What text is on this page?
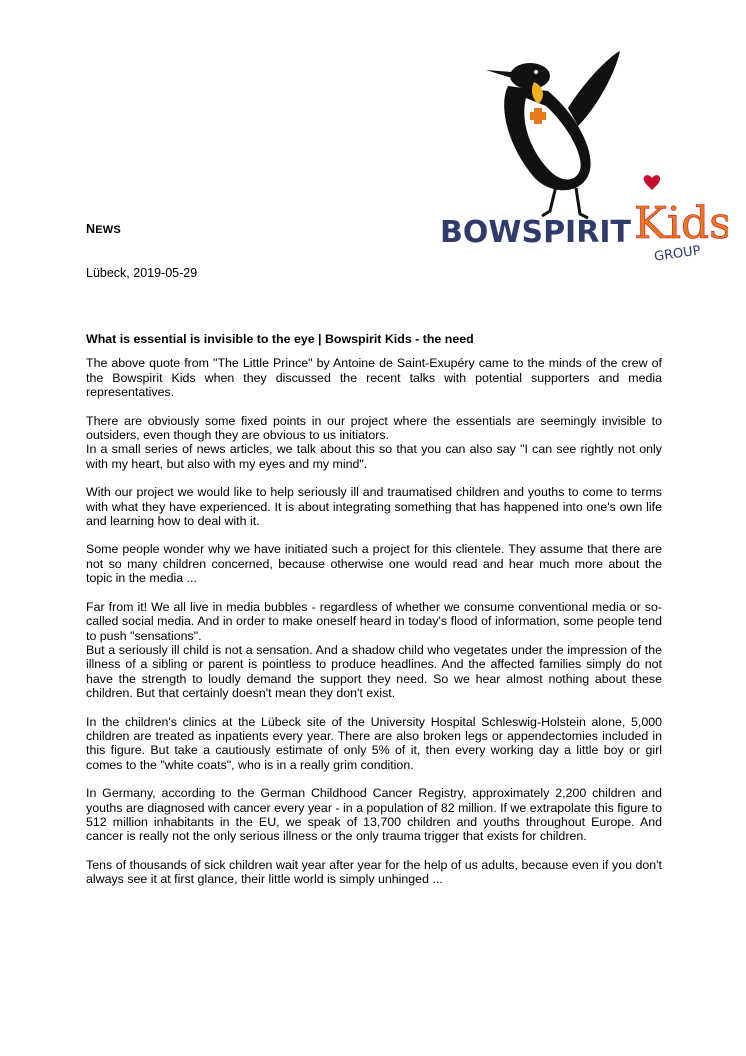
BOWSPIRIT Kids
GROUP
NEWS
Lübeck, 2019-05-29
What is essential is invisible to the eye | Bowspirit Kids - the need

The above quote from "The Little Prince" by Antoine de Saint-Exupéry came to the minds of the crew of the Bowspirit Kids when they discussed the recent talks with potential supporters and media representatives.

There are obviously some fixed points in our project where the essentials are seemingly invisible to outsiders, even though they are obvious to us initiators.
In a small series of news articles, we talk about this so that you can also say "I can see rightly not only with my heart, but also with my eyes and my mind".

With our project we would like to help seriously ill and traumatised children and youths to come to terms with what they have experienced. It is about integrating something that has happened into one's own life and learning how to deal with it.

Some people wonder why we have initiated such a project for this clientele. They assume that there are not so many children concerned, because otherwise one would read and hear much more about the topic in the media ...

Far from it! We all live in media bubbles - regardless of whether we consume conventional media or so-called social media. And in order to make oneself heard in today's flood of information, some people tend to push "sensations".
But a seriously ill child is not a sensation. And a shadow child who vegetates under the impression of the illness of a sibling or parent is pointless to produce headlines. And the affected families simply do not have the strength to loudly demand the support they need. So we hear almost nothing about these children. But that certainly doesn't mean they don't exist.

In the children's clinics at the Lübeck site of the University Hospital Schleswig-Holstein alone, 5,000 children are treated as inpatients every year. There are also broken legs or appendectomies included in this figure. But take a cautiously estimate of only 5% of it, then every working day a little boy or girl comes to the "white coats", who is in a really grim condition.

In Germany, according to the German Childhood Cancer Registry, approximately 2,200 children and youths are diagnosed with cancer every year - in a population of 82 million. If we extrapolate this figure to 512 million inhabitants in the EU, we speak of 13,700 children and youths throughout Europe. And cancer is really not the only serious illness or the only trauma trigger that exists for children.

Tens of thousands of sick children wait year after year for the help of us adults, because even if you don't always see it at first glance, their little world is simply unhinged ...
